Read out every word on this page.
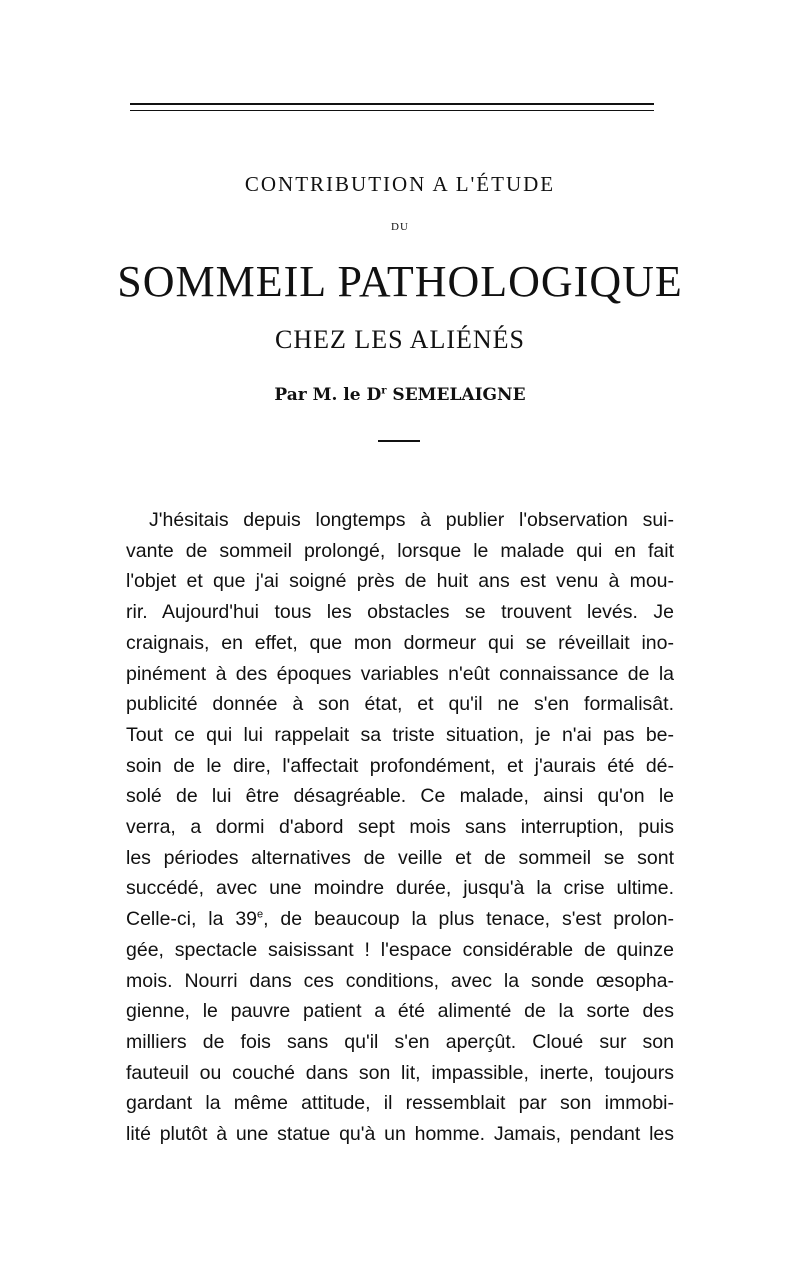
CONTRIBUTION A L'ÉTUDE
DU
SOMMEIL PATHOLOGIQUE
CHEZ LES ALIÉNÉS
Par M. le $D^r$ SEMELAIGNE
J'hésitais depuis longtemps à publier l'observation sui-
vante de sommeil prolongé, lorsque le malade qui en fait
l'objet et que j'ai soigné près de huit ans est venu à mou-
rir. Aujourd'hui tous les obstacles se trouvent levés. Je
craignais, en effet, que mon dormeur qui se réveillait ino-
pinément à des époques variables n'eût connaissance de la
publicité donnée à son état, et qu'il ne s'en formalisât.
Tout ce qui lui rappelait sa triste situation, je n'ai pas be-
soin de le dire, l'affectait profondément, et j'aurais été dé-
solé de lui être désagréable. Ce malade, ainsi qu'on le
verra, a dormi d'abord sept mois sans interruption, puis
les périodes alternatives de veille et de sommeil se sont
succédé, avec une moindre durée, jusqu'à la crise ultime.
Celle-ci, la 39e, de beaucoup la plus tenace, s'est prolon-
gée, spectacle saisissant ! l'espace considérable de quinze
mois. Nourri dans ces conditions, avec la sonde œsopha-
gienne, le pauvre patient a été alimenté de la sorte des
milliers de fois sans qu'il s'en aperçût. Cloué sur son
fauteuil ou couché dans son lit, impassible, inerte, toujours
gardant la même attitude, il ressemblait par son immobi-
lité plutôt à une statue qu'à un homme. Jamais, pendant les
